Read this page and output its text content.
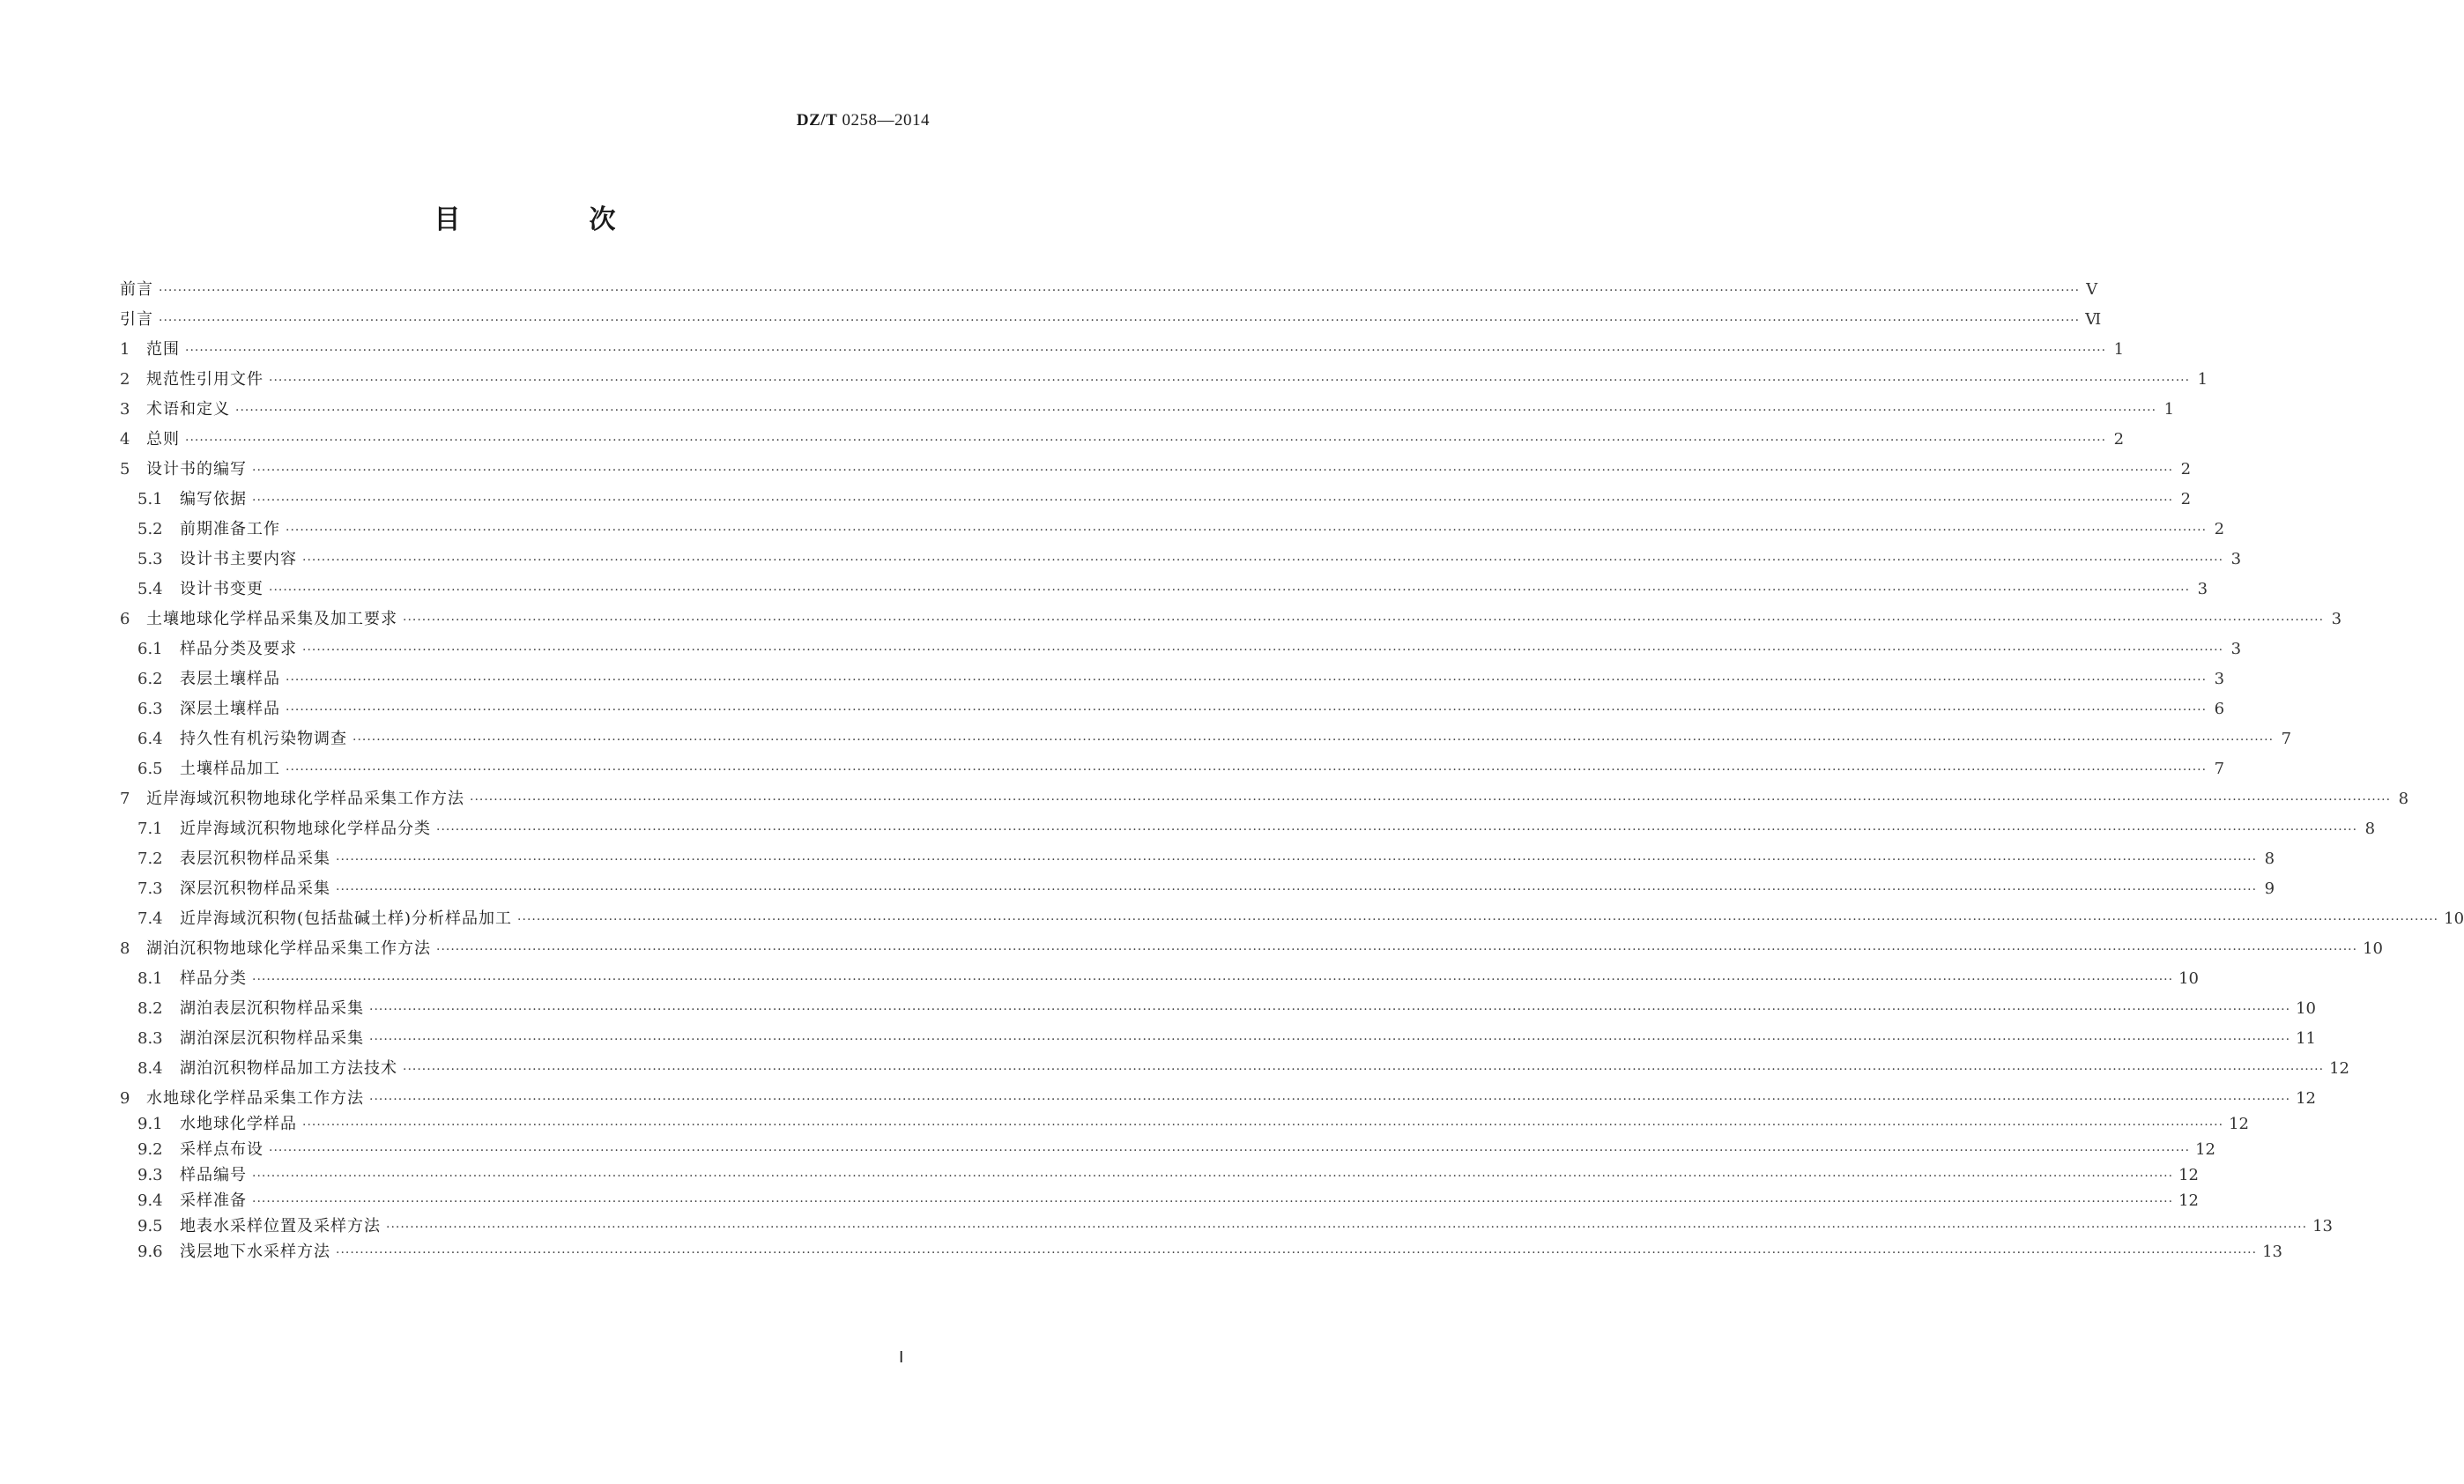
DZ/T 0258—2014
目　次
前言 ················································································································································································································································································································································································································ Ⅴ
引言 ················································································································································································································································································································································································································ Ⅵ
1	范围 ················································································································································································································································································································································································································ 1
2	规范性引用文件 ················································································································································································································································································································································································································ 1
3	术语和定义 ················································································································································································································································································································································································································ 1
4	总则 ················································································································································································································································································································································································································ 2
5	设计书的编写 ················································································································································································································································································································································································································ 2
5.1	编写依据 ················································································································································································································································································································································································································ 2
5.2	前期准备工作 ················································································································································································································································································································································································································ 2
5.3	设计书主要内容 ················································································································································································································································································································································································································ 3
5.4	设计书变更 ················································································································································································································································································································································································································ 3
6	土壤地球化学样品采集及加工要求 ················································································································································································································································································································································································································ 3
6.1	样品分类及要求 ················································································································································································································································································································································································································ 3
6.2	表层土壤样品 ················································································································································································································································································································································································································ 3
6.3	深层土壤样品 ················································································································································································································································································································································································································ 6
6.4	持久性有机污染物调查 ················································································································································································································································································································································································································ 7
6.5	土壤样品加工 ················································································································································································································································································································································································································ 7
7	近岸海域沉积物地球化学样品采集工作方法 ················································································································································································································································································································································································································ 8
7.1	近岸海域沉积物地球化学样品分类 ················································································································································································································································································································································································································ 8
7.2	表层沉积物样品采集 ················································································································································································································································································································································································································ 8
7.3	深层沉积物样品采集 ················································································································································································································································································································································································································ 9
7.4	近岸海域沉积物(包括盐碱土样)分析样品加工 ················································································································································································································································································································································································································ 10
8	湖泊沉积物地球化学样品采集工作方法 ················································································································································································································································································································································································································ 10
8.1	样品分类 ················································································································································································································································································································································································································ 10
8.2	湖泊表层沉积物样品采集 ················································································································································································································································································································································································································ 10
8.3	湖泊深层沉积物样品采集 ················································································································································································································································································································································································································ 11
8.4	湖泊沉积物样品加工方法技术 ················································································································································································································································································································································································································ 12
9	水地球化学样品采集工作方法 ················································································································································································································································································································································································································ 12
9.1	水地球化学样品 ················································································································································································································································································································································································································ 12
9.2	采样点布设 ················································································································································································································································································································································································································ 12
9.3	样品编号 ················································································································································································································································································································································································································ 12
9.4	采样准备 ················································································································································································································································································································································································································ 12
9.5	地表水采样位置及采样方法 ················································································································································································································································································································································································································ 13
9.6	浅层地下水采样方法 ················································································································································································································································································································································································································ 13
Ⅰ
